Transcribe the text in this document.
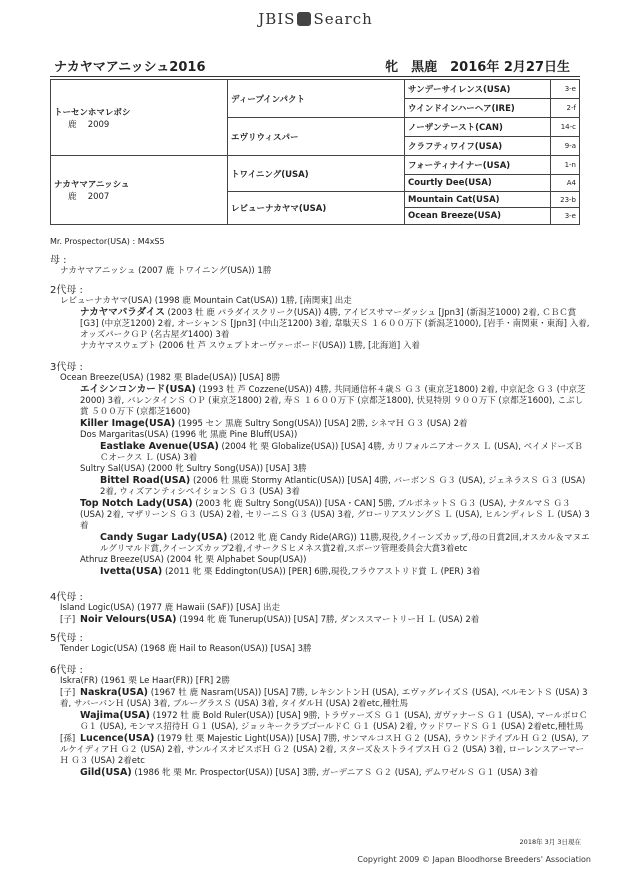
JBIS Search
ナカヤマアニッシュ2016	牝　黒鹿　2016年 2月27日生
トーセンホマレボシ
鹿　 2009	ディープインパクト	サンデーサイレンス(USA)	3-e
		ウインドインハーヘア(IRE)	2-f
	エヴリウィスパー	ノーザンテースト(CAN)	14-c
		クラフティワイフ(USA)	9-a

ナカヤマアニッシュ
鹿　 2007	トワイニング(USA)	フォーティナイナー(USA)	1-n
		Courtly Dee(USA)	A4
	レビューナカヤマ(USA)	Mountain Cat(USA)	23-b
		Ocean Breeze(USA)	3-e
Mr. Prospector(USA) : M4xS5
母 :
ナカヤマアニッシュ (2007 鹿 トワイニング(USA)) 1勝
2代母 :
レビューナカヤマ(USA) (1998 鹿 Mountain Cat(USA)) 1勝, [南関東] 出走
ナカヤマパラダイス (2003 牡 鹿 パラダイスクリーク(USA)) 4勝, アイビスサマーダッシュ [Jpn3] (新潟芝1000) 2着, ＣＢＣ賞 [G3] (中京芝1200) 2着, オーシャンＳ [Jpn3] (中山芝1200) 3着, 韋駄天Ｓ １６００万下 (新潟芝1000), [岩手・南関東・東海] 入着,オッズパークＧＰ (名古屋ダ1400) 3着
ナカヤマスウェプト (2006 牡 芦 スウェプトオーヴァーボード(USA)) 1勝, [北海道] 入着
3代母 :
Ocean Breeze(USA) (1982 栗 Blade(USA)) [USA] 8勝
エイシンコンカード(USA) (1993 牡 芦 Cozzene(USA)) 4勝, 共同通信杯４歳Ｓ Ｇ３ (東京芝1800) 2着, 中京記念 Ｇ３ (中京芝2000) 3着, バレンタインＳ ＯＰ (東京芝1800) 2着, 寿Ｓ １６００万下 (京都芝1800), 伏見特別 ９００万下 (京都芝1600), こぶし賞 ５００万下 (京都芝1600)
Killer Image(USA) (1995 セン 黒鹿 Sultry Song(USA)) [USA] 2勝, シネマＨ Ｇ３ (USA) 2着
Dos Margaritas(USA) (1996 牝 黒鹿 Pine Bluff(USA))
Eastlake Avenue(USA) (2004 牝 栗 Globalize(USA)) [USA] 4勝, カリフォルニアオークス Ｌ (USA), ベイメドーズＢＣオークス Ｌ (USA) 3着
Sultry Sal(USA) (2000 牝 Sultry Song(USA)) [USA] 3勝
Bittel Road(USA) (2006 牡 黒鹿 Stormy Atlantic(USA)) [USA] 4勝, バーボンＳ Ｇ３ (USA), ジェネラスＳ Ｇ３ (USA) 2着, ウィズアンティシペイションＳ Ｇ３ (USA) 3着
Top Notch Lady(USA) (2003 牝 鹿 Sultry Song(USA)) [USA・CAN] 5勝, ブルボネットＳ Ｇ３ (USA), ナタルマＳ Ｇ３ (USA) 2着, マザリーンＳ Ｇ３ (USA) 2着, セリーニＳ Ｇ３ (USA) 3着, グローリアスソングＳ Ｌ (USA), ヒルンディレＳ Ｌ (USA) 3着
Candy Sugar Lady(USA) (2012 牝 鹿 Candy Ride(ARG)) 11勝,現役,クイーンズカップ,母の日賞2回,オスカル＆マヌエルグリマルド賞,クイーンズカップ2着,イサークＳヒメネス賞2着,スポーツ管理委員会大賞3着etc
Athruz Breeze(USA) (2004 牝 栗 Alphabet Soup(USA))
Ivetta(USA) (2011 牝 栗 Eddington(USA)) [PER] 6勝,現役,フラウアストリド賞 Ｌ (PER) 3着
4代母 :
Island Logic(USA) (1977 鹿 Hawaii (SAF)) [USA] 出走
[子] Noir Velours(USA) (1994 牝 鹿 Tunerup(USA)) [USA] 7勝, ダンススマートリーＨ Ｌ (USA) 2着
5代母 :
Tender Logic(USA) (1968 鹿 Hail to Reason(USA)) [USA] 3勝
6代母 :
Iskra(FR) (1961 栗 Le Haar(FR)) [FR] 2勝
[子] Naskra(USA) (1967 牡 鹿 Nasram(USA)) [USA] 7勝, レキシントンＨ (USA), エヴァグレイズＳ (USA), ベルモントＳ (USA) 3着, サバーバンＨ (USA) 3着, ブルーグラスＳ (USA) 3着, タイダルＨ (USA) 2着etc,種牡馬
Wajima(USA) (1972 牡 鹿 Bold Ruler(USA)) [USA] 9勝, トラヴァーズＳ Ｇ１ (USA), ガヴァナーＳ Ｇ１ (USA), マールボロＣ Ｇ１ (USA), モンマス招待Ｈ Ｇ１ (USA), ジョッキークラブゴールドＣ Ｇ１ (USA) 2着, ウッドワードＳ Ｇ１ (USA) 2着etc,種牡馬
[孫] Lucence(USA) (1979 牡 栗 Majestic Light(USA)) [USA] 7勝, サンマルコスＨ Ｇ２ (USA), ラウンドテイブルＨ Ｇ２ (USA), アルケイディアＨ Ｇ２ (USA) 2着, サンルイスオビスポＨ Ｇ２ (USA) 2着, スターズ＆ストライプスＨ Ｇ２ (USA) 3着, ローレンスアーマーＨ Ｇ３ (USA) 2着etc
Gild(USA) (1986 牝 栗 Mr. Prospector(USA)) [USA] 3勝, ガーデニアＳ Ｇ２ (USA), デムワゼルＳ Ｇ１ (USA) 3着
2018年 3月 3日現在
Copyright 2009 © Japan Bloodhorse Breeders' Association
